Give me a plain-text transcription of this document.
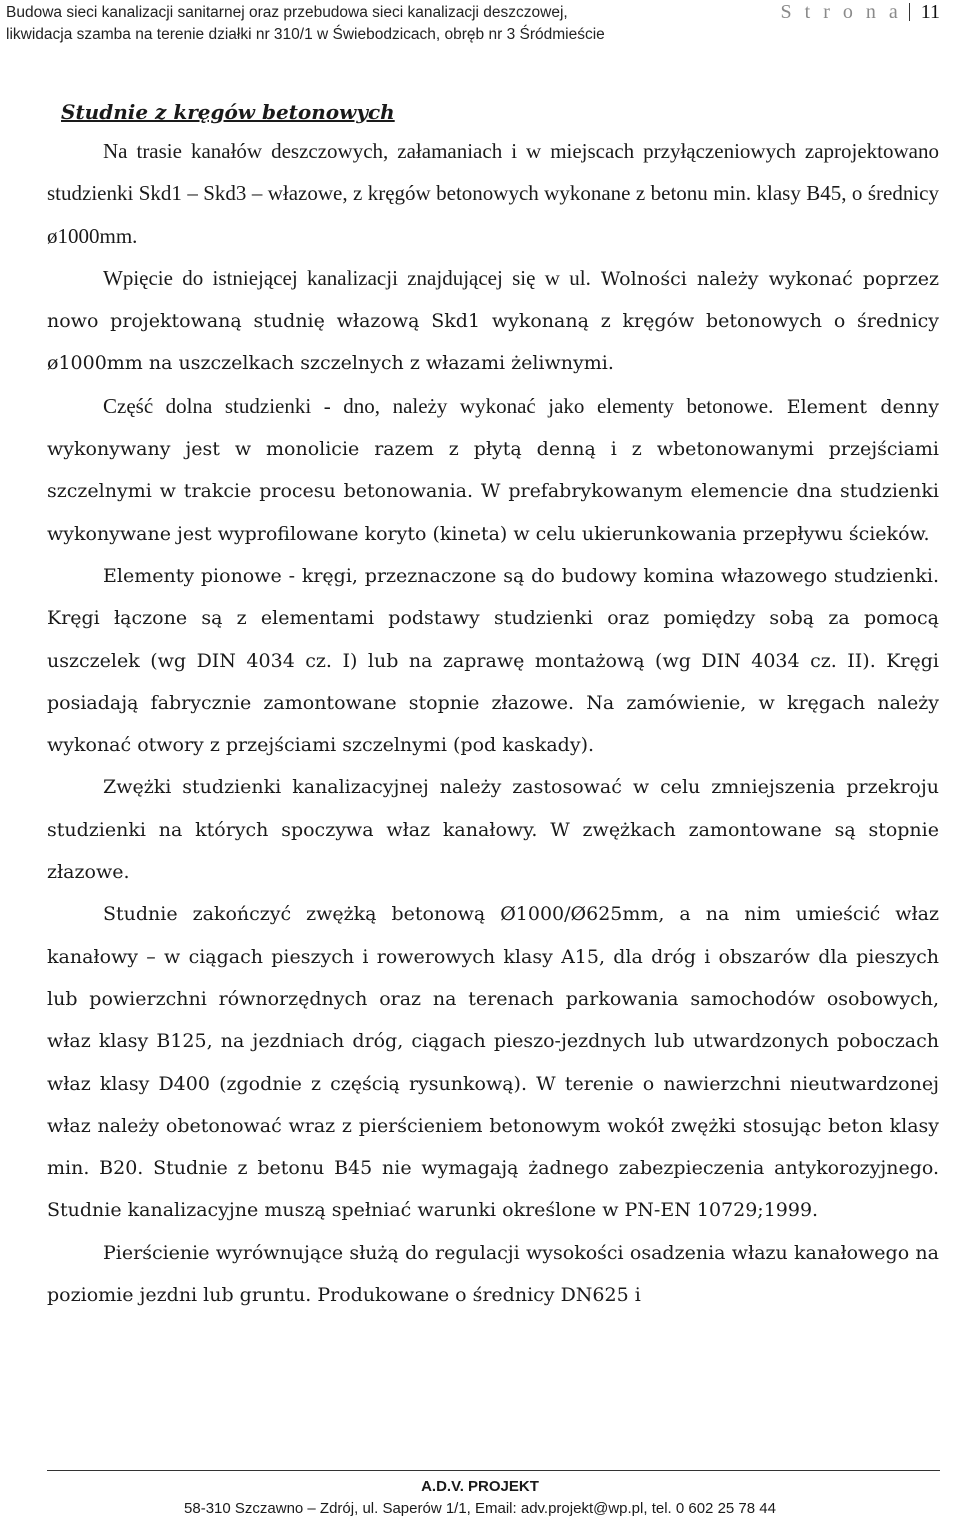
Budowa sieci kanalizacji sanitarnej oraz przebudowa sieci kanalizacji deszczowej,
likwidacja szamba na terenie działki nr 310/1 w Świebodzicach, obręb nr 3 Śródmieście
S t r o n a 11
Studnie z kręgów betonowych

Na trasie kanałów deszczowych, załamaniach i w miejscach przyłączeniowych zaprojektowano studzienki Skd1 – Skd3 – włazowe, z kręgów betonowych wykonane z betonu min. klasy B45, o średnicy ø1000mm.

Wpięcie do istniejącej kanalizacji znajdującej się w ul. Wolności należy wykonać poprzez nowo projektowaną studnię włazową Skd1 wykonaną z kręgów betonowych o średnicy ø1000mm na uszczelkach szczelnych z włazami żeliwnymi.
Część dolna studzienki - dno, należy wykonać jako elementy betonowe. Element denny wykonywany jest w monolicie razem z płytą denną i z wbetonowanymi przejściami szczelnymi w trakcie procesu betonowania. W prefabrykowanym elemencie dna studzienki wykonywane jest wyprofilowane koryto (kineta) w celu ukierunkowania przepływu ścieków.

Elementy pionowe - kręgi, przeznaczone są do budowy komina włazowego studzienki. Kręgi łączone są z elementami podstawy studzienki oraz pomiędzy sobą za pomocą uszczelek (wg DIN 4034 cz. I) lub na zaprawę montażową (wg DIN 4034 cz. II). Kręgi posiadają fabrycznie zamontowane stopnie złazowe. Na zamówienie, w kręgach należy wykonać otwory z przejściami szczelnymi (pod kaskady).

Zwężki studzienki kanalizacyjnej należy zastosować w celu zmniejszenia przekroju studzienki na których spoczywa właz kanałowy. W zwężkach zamontowane są stopnie złazowe.

Studnie zakończyć zwężką betonową Ø1000/Ø625mm, a na nim umieścić właz kanałowy – w ciągach pieszych i rowerowych klasy A15, dla dróg i obszarów dla pieszych lub powierzchni równorzędnych oraz na terenach parkowania samochodów osobowych, właz klasy B125, na jezdniach dróg, ciągach pieszo-jezdnych lub utwardzonych poboczach właz klasy D400 (zgodnie z częścią rysunkową). W terenie o nawierzchni nieutwardzonej właz należy obetonować wraz z pierścieniem betonowym wokół zwężki stosując beton klasy min. B20. Studnie z betonu B45 nie wymagają żadnego zabezpieczenia antykorozyjnego. Studnie kanalizacyjne muszą spełniać warunki określone w PN-EN 10729;1999.

Pierścienie wyrównujące służą do regulacji wysokości osadzenia włazu kanałowego na poziomie jezdni lub gruntu. Produkowane o średnicy DN625 i

A.D.V. PROJEKT
58-310 Szczawno – Zdrój, ul. Saperów 1/1, Email: adv.projekt@wp.pl, tel. 0 602 25 78 44
